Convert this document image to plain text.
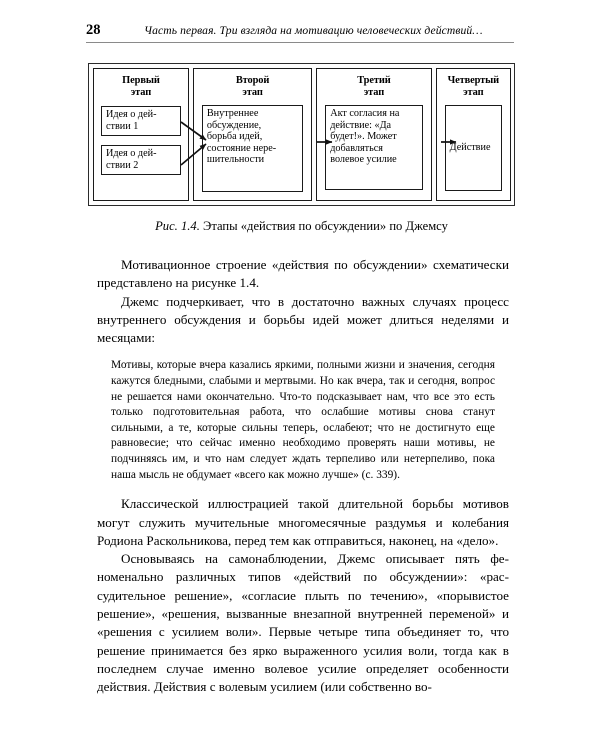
28	Часть первая. Три взгляда на мотивацию человеческих действий…
Первый
этап
Идея о дей-
ствии 1
Идея о дей-
ствии 2
Второй
этап
Внутреннее
обсуждение,
борьба идей,
состояние нере-
шительности
Третий
этап
Акт согласия на
действие: «Да
будет!». Может
добавляться
волевое усилие
Четвертый
этап
Действие
Рис. 1.4. Этапы «действия по обсуждении» по Джемсу

Мотивационное строение «действия по обсуждении» схематически представлено на рисунке 1.4.

Джемс подчеркивает, что в достаточно важных случаях процесс внутреннего обсуждения и борьбы идей может длиться неделями и месяцами:

Мотивы, которые вчера казались яркими, полными жизни и значения, сегодня кажутся бледными, слабыми и мертвыми. Но как вчера, так и сегодня, вопрос не решается нами окончательно. Что-то подсказывает нам, что все это есть только подготовительная работа, что ослабшие мотивы снова станут сильными, а те, которые сильны теперь, ослабеют; что не достигнуто еще равновесие; что сейчас именно необходимо проверять наши мотивы, не подчиняясь им, и что нам следует ждать терпеливо или нетерпеливо, пока наша мысль не обдумает «всего как можно лучше» (с. 339).

Классической иллюстрацией такой длительной борьбы мотивов могут служить мучительные многомесячные раздумья и колебания Родиона Раскольникова, перед тем как отправиться, наконец, на «дело».

Основываясь на самонаблюдении, Джемс описывает пять феноменально различных типов «действий по обсуждении»: «рассудительное решение», «согласие плыть по течению», «порывистое решение», «решения, вызванные внезапной внутренней переменой» и «решения с усилием воли». Первые четыре типа объединяет то, что решение принимается без ярко выраженного усилия воли, тогда как в последнем случае именно волевое усилие определяет особенности действия. Действия с волевым усилием (или собственно во-
